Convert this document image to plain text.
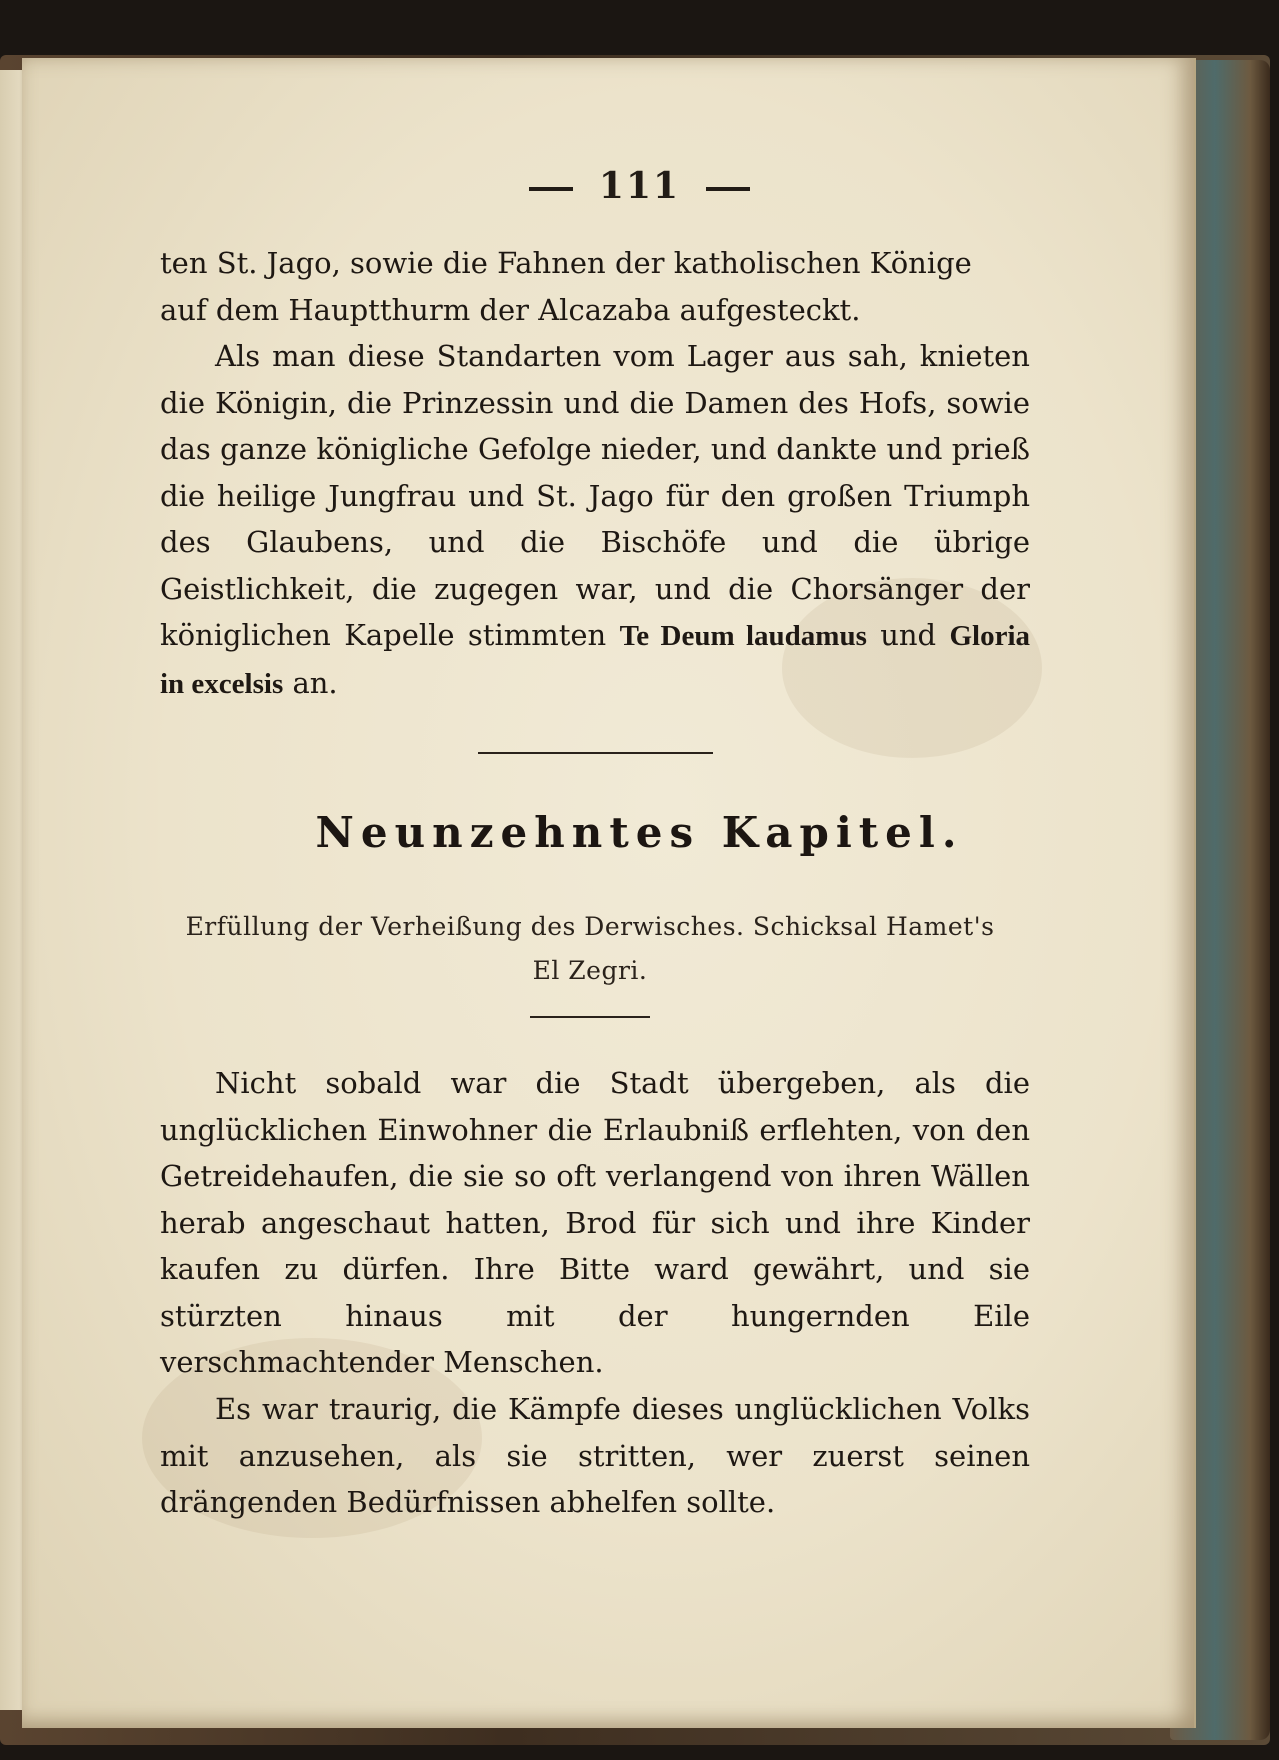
111
ten St. Jago, sowie die Fahnen der katholischen Könige
auf dem Hauptthurm der Alcazaba aufgesteckt.
Als man diese Standarten vom Lager aus sah, knieten die Königin, die Prinzessin und die Damen des Hofs, sowie das ganze königliche Gefolge nieder, und dankte und prieß die heilige Jungfrau und St. Jago für den großen Triumph des Glaubens, und die Bischöfe und die übrige Geistlichkeit, die zugegen war, und die Chorsänger der königlichen Kapelle stimmten Te Deum laudamus und Gloria in excelsis an.
Neunzehntes Kapitel.
Erfüllung der Verheißung des Derwisches. Schicksal Hamet's
El Zegri.
Nicht sobald war die Stadt übergeben, als die unglücklichen Einwohner die Erlaubniß erflehten, von den Getreidehaufen, die sie so oft verlangend von ihren Wällen herab angeschaut hatten, Brod für sich und ihre Kinder kaufen zu dürfen. Ihre Bitte ward gewährt, und sie stürzten hinaus mit der hungernden Eile verschmachtender Menschen.
Es war traurig, die Kämpfe dieses unglücklichen Volks mit anzusehen, als sie stritten, wer zuerst seinen drängenden Bedürfnissen abhelfen sollte.
